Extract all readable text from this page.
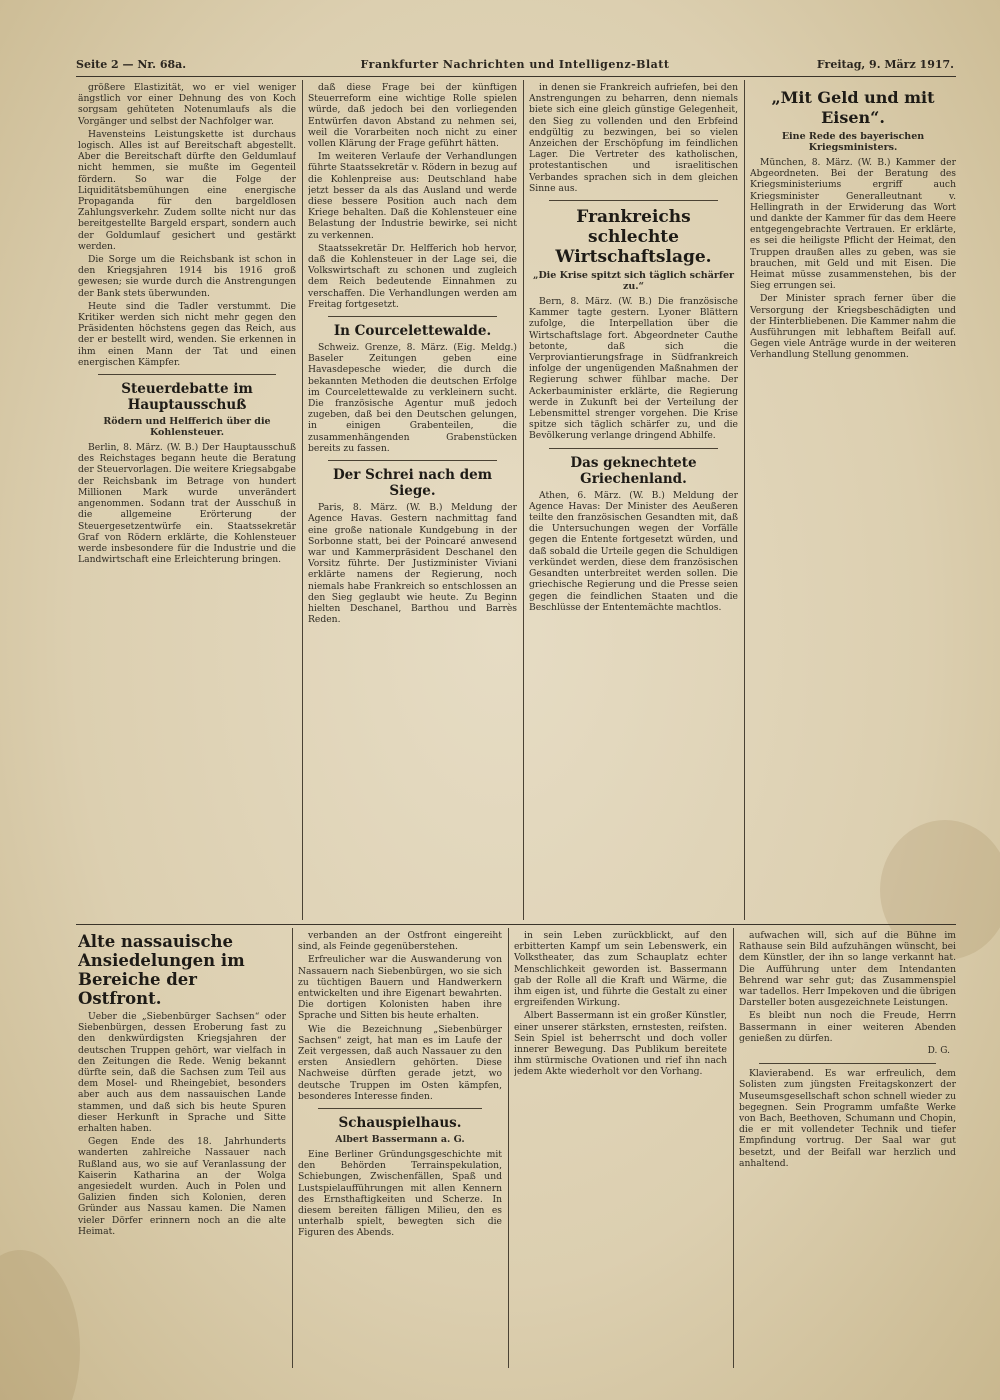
Seite 2 — Nr. 68a.	Frankfurter Nachrichten und Intelligenz-Blatt	Freitag, 9. März 1917.

größere Elastizität, wo er viel weniger ängstlich vor einer Dehnung des von Koch sorgsam gehüteten Notenumlaufs als die Vorgänger und selbst der Nachfolger war.

Havensteins Leistungskette ist durchaus logisch. Alles ist auf Bereitschaft abgestellt. Aber die Bereitschaft dürfte den Geldumlauf nicht hemmen, sie mußte im Gegenteil fördern. So war die Folge der Liquiditätsbemühungen eine energische Propaganda für den bargeldlosen Zahlungsverkehr. Zudem sollte nicht nur das bereitgestellte Bargeld erspart, sondern auch der Goldumlauf gesichert und gestärkt werden.

Die Sorge um die Reichsbank ist schon in den Kriegsjahren 1914 bis 1916 groß gewesen; sie wurde durch die Anstrengungen der Bank stets überwunden.

Heute sind die Tadler verstummt. Die Kritiker werden sich nicht mehr gegen den Präsidenten höchstens gegen das Reich, aus der er bestellt wird, wenden. Sie erkennen in ihm einen Mann der Tat und einen energischen Kämpfer.

Steuerdebatte im Hauptausschuß
Rödern und Helfferich über die Kohlensteuer.

Berlin, 8. März. (W. B.) Der Hauptausschuß des Reichstages begann heute die Beratung der Steuervorlagen. Die weitere Kriegsabgabe der Reichsbank im Betrage von hundert Millionen Mark wurde unverändert angenommen. Sodann trat der Ausschuß in die allgemeine Erörterung der Steuergesetzentwürfe ein. Staatssekretär Graf von Rödern erklärte, die Kohlensteuer werde insbesondere für die Industrie und die Landwirtschaft eine Erleichterung bringen.

daß diese Frage bei der künftigen Steuerreform eine wichtige Rolle spielen würde, daß jedoch bei den vorliegenden Entwürfen davon Abstand zu nehmen sei, weil die Vorarbeiten noch nicht zu einer vollen Klärung der Frage geführt hätten.

Im weiteren Verlaufe der Verhandlungen führte Staatssekretär v. Rödern in bezug auf die Kohlenpreise aus: Deutschland habe jetzt besser da als das Ausland und werde diese bessere Position auch nach dem Kriege behalten. Daß die Kohlensteuer eine Belastung der Industrie bewirke, sei nicht zu verkennen.

Staatssekretär Dr. Helfferich hob hervor, daß die Kohlensteuer in der Lage sei, die Volkswirtschaft zu schonen und zugleich dem Reich bedeutende Einnahmen zu verschaffen. Die Verhandlungen werden am Freitag fortgesetzt.

In Courcelettewalde.

Schweiz. Grenze, 8. März. (Eig. Meldg.) Baseler Zeitungen geben eine Havasdepesche wieder, die durch die bekannten Methoden die deutschen Erfolge im Courcelettewalde zu verkleinern sucht. Die französische Agentur muß jedoch zugeben, daß bei den Deutschen gelungen, in einigen Grabenteilen, die zusammenhängenden Grabenstücken bereits zu fassen.

Der Schrei nach dem Siege.

Paris, 8. März. (W. B.) Meldung der Agence Havas. Gestern nachmittag fand eine große nationale Kundgebung in der Sorbonne statt, bei der Poincaré anwesend war und Kammerpräsident Deschanel den Vorsitz führte. Der Justizminister Viviani erklärte namens der Regierung, noch niemals habe Frankreich so entschlossen an den Sieg geglaubt wie heute. Zu Beginn hielten Deschanel, Barthou und Barrès Reden.

in denen sie Frankreich aufriefen, bei den Anstrengungen zu beharren, denn niemals biete sich eine gleich günstige Gelegenheit, den Sieg zu vollenden und den Erbfeind endgültig zu bezwingen, bei so vielen Anzeichen der Erschöpfung im feindlichen Lager. Die Vertreter des katholischen, protestantischen und israelitischen Verbandes sprachen sich in dem gleichen Sinne aus.

Frankreichs schlechte Wirtschaftslage.
„Die Krise spitzt sich täglich schärfer zu.“

Bern, 8. März. (W. B.) Die französische Kammer tagte gestern. Lyoner Blättern zufolge, die Interpellation über die Wirtschaftslage fort. Abgeordneter Cauthe betonte, daß sich die Verproviantierungsfrage in Südfrankreich infolge der ungenügenden Maßnahmen der Regierung schwer fühlbar mache. Der Ackerbauminister erklärte, die Regierung werde in Zukunft bei der Verteilung der Lebensmittel strenger vorgehen. Die Krise spitze sich täglich schärfer zu, und die Bevölkerung verlange dringend Abhilfe.

Das geknechtete Griechenland.

Athen, 6. März. (W. B.) Meldung der Agence Havas: Der Minister des Aeußeren teilte den französischen Gesandten mit, daß die Untersuchungen wegen der Vorfälle gegen die Entente fortgesetzt würden, und daß sobald die Urteile gegen die Schuldigen verkündet werden, diese dem französischen Gesandten unterbreitet werden sollen. Die griechische Regierung und die Presse seien gegen die feindlichen Staaten und die Beschlüsse der Ententemächte machtlos.

„Mit Geld und mit Eisen“.
Eine Rede des bayerischen Kriegsministers.

München, 8. März. (W. B.) Kammer der Abgeordneten. Bei der Beratung des Kriegsministeriums ergriff auch Kriegsminister Generalleutnant v. Hellingrath in der Erwiderung das Wort und dankte der Kammer für das dem Heere entgegengebrachte Vertrauen. Er erklärte, es sei die heiligste Pflicht der Heimat, den Truppen draußen alles zu geben, was sie brauchen, mit Geld und mit Eisen. Die Heimat müsse zusammenstehen, bis der Sieg errungen sei.

Der Minister sprach ferner über die Versorgung der Kriegsbeschädigten und der Hinterbliebenen. Die Kammer nahm die Ausführungen mit lebhaftem Beifall auf. Gegen viele Anträge wurde in der weiteren Verhandlung Stellung genommen.

Alte nassauische Ansiedelungen im Bereiche der Ostfront.

Ueber die „Siebenbürger Sachsen“ oder Siebenbürgen, dessen Eroberung fast zu den denkwürdigsten Kriegsjahren der deutschen Truppen gehört, war vielfach in den Zeitungen die Rede. Wenig bekannt dürfte sein, daß die Sachsen zum Teil aus dem Mosel- und Rheingebiet, besonders aber auch aus dem nassauischen Lande stammen, und daß sich bis heute Spuren dieser Herkunft in Sprache und Sitte erhalten haben.

Gegen Ende des 18. Jahrhunderts wanderten zahlreiche Nassauer nach Rußland aus, wo sie auf Veranlassung der Kaiserin Katharina an der Wolga angesiedelt wurden. Auch in Polen und Galizien finden sich Kolonien, deren Gründer aus Nassau kamen. Die Namen vieler Dörfer erinnern noch an die alte Heimat.

verbanden an der Ostfront eingereiht sind, als Feinde gegenüberstehen.

Erfreulicher war die Auswanderung von Nassauern nach Siebenbürgen, wo sie sich zu tüchtigen Bauern und Handwerkern entwickelten und ihre Eigenart bewahrten. Die dortigen Kolonisten haben ihre Sprache und Sitten bis heute erhalten.

Wie die Bezeichnung „Siebenbürger Sachsen“ zeigt, hat man es im Laufe der Zeit vergessen, daß auch Nassauer zu den ersten Ansiedlern gehörten. Diese Nachweise dürften gerade jetzt, wo deutsche Truppen im Osten kämpfen, besonderes Interesse finden.

Schauspielhaus.
Albert Bassermann a. G.

Eine Berliner Gründungsgeschichte mit den Behörden Terrainspekulation, Schiebungen, Zwischenfällen, Spaß und Lustspielaufführungen mit allen Kennern des Ernsthaftigkeiten und Scherze. In diesem bereiten fälligen Milieu, den es unterhalb spielt, bewegten sich die Figuren des Abends.

in sein Leben zurückblickt, auf den erbitterten Kampf um sein Lebenswerk, ein Volkstheater, das zum Schauplatz echter Menschlichkeit geworden ist. Bassermann gab der Rolle all die Kraft und Wärme, die ihm eigen ist, und führte die Gestalt zu einer ergreifenden Wirkung.

Albert Bassermann ist ein großer Künstler, einer unserer stärksten, ernstesten, reifsten. Sein Spiel ist beherrscht und doch voller innerer Bewegung. Das Publikum bereitete ihm stürmische Ovationen und rief ihn nach jedem Akte wiederholt vor den Vorhang.

aufwachen will, sich auf die Bühne im Rathause sein Bild aufzuhängen wünscht, bei dem Künstler, der ihn so lange verkannt hat. Die Aufführung unter dem Intendanten Behrend war sehr gut; das Zusammenspiel war tadellos. Herr Impekoven und die übrigen Darsteller boten ausgezeichnete Leistungen.

Es bleibt nun noch die Freude, Herrn Bassermann in einer weiteren Abenden genießen zu dürfen.

D. G.

Klavierabend. Es war erfreulich, dem Solisten zum jüngsten Freitagskonzert der Museumsgesellschaft schon schnell wieder zu begegnen. Sein Programm umfaßte Werke von Bach, Beethoven, Schumann und Chopin, die er mit vollendeter Technik und tiefer Empfindung vortrug. Der Saal war gut besetzt, und der Beifall war herzlich und anhaltend.
